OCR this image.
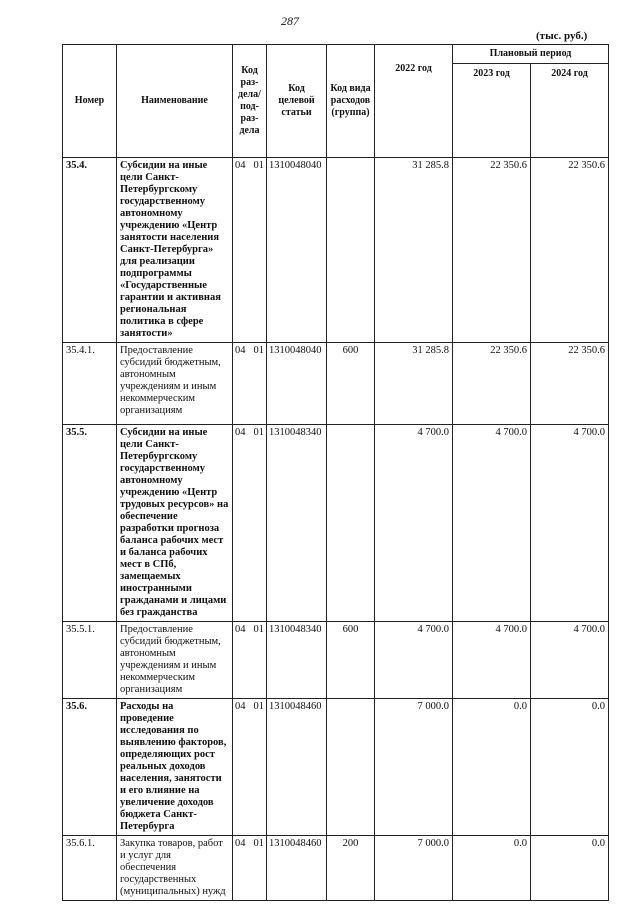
287
(тыс. руб.)
Номер	Наименование	Код раз-дела/ под-раз-дела	Код целевой статьи	Код вида расходов (группа)	2022 год	Плановый период	
						2023 год	2024 год
35.4.	Субсидии на иные цели Санкт-Петербургскому государственному автономному учреждению «Центр занятости населения Санкт-Петербурга» для реализации подпрограммы «Государственные гарантии и активная региональная политика в сфере занятости»	04 01	1310048040		31 285.8	22 350.6	22 350.6
35.4.1.	Предоставление субсидий бюджетным, автономным учреждениям и иным некоммерческим организациям	04 01	1310048040	600	31 285.8	22 350.6	22 350.6
35.5.	Субсидии на иные цели Санкт-Петербургскому государственному автономному учреждению «Центр трудовых ресурсов» на обеспечение разработки прогноза баланса рабочих мест и баланса рабочих мест в СПб, замещаемых иностранными гражданами и лицами без гражданства	04 01	1310048340		4 700.0	4 700.0	4 700.0
35.5.1.	Предоставление субсидий бюджетным, автономным учреждениям и иным некоммерческим организациям	04 01	1310048340	600	4 700.0	4 700.0	4 700.0
35.6.	Расходы на проведение исследования по выявлению факторов, определяющих рост реальных доходов населения, занятости и его влияние на увеличение доходов бюджета Санкт-Петербурга	04 01	1310048460		7 000.0	0.0	0.0
35.6.1.	Закупка товаров, работ и услуг для обеспечения государственных (муниципальных) нужд	04 01	1310048460	200	7 000.0	0.0	0.0
